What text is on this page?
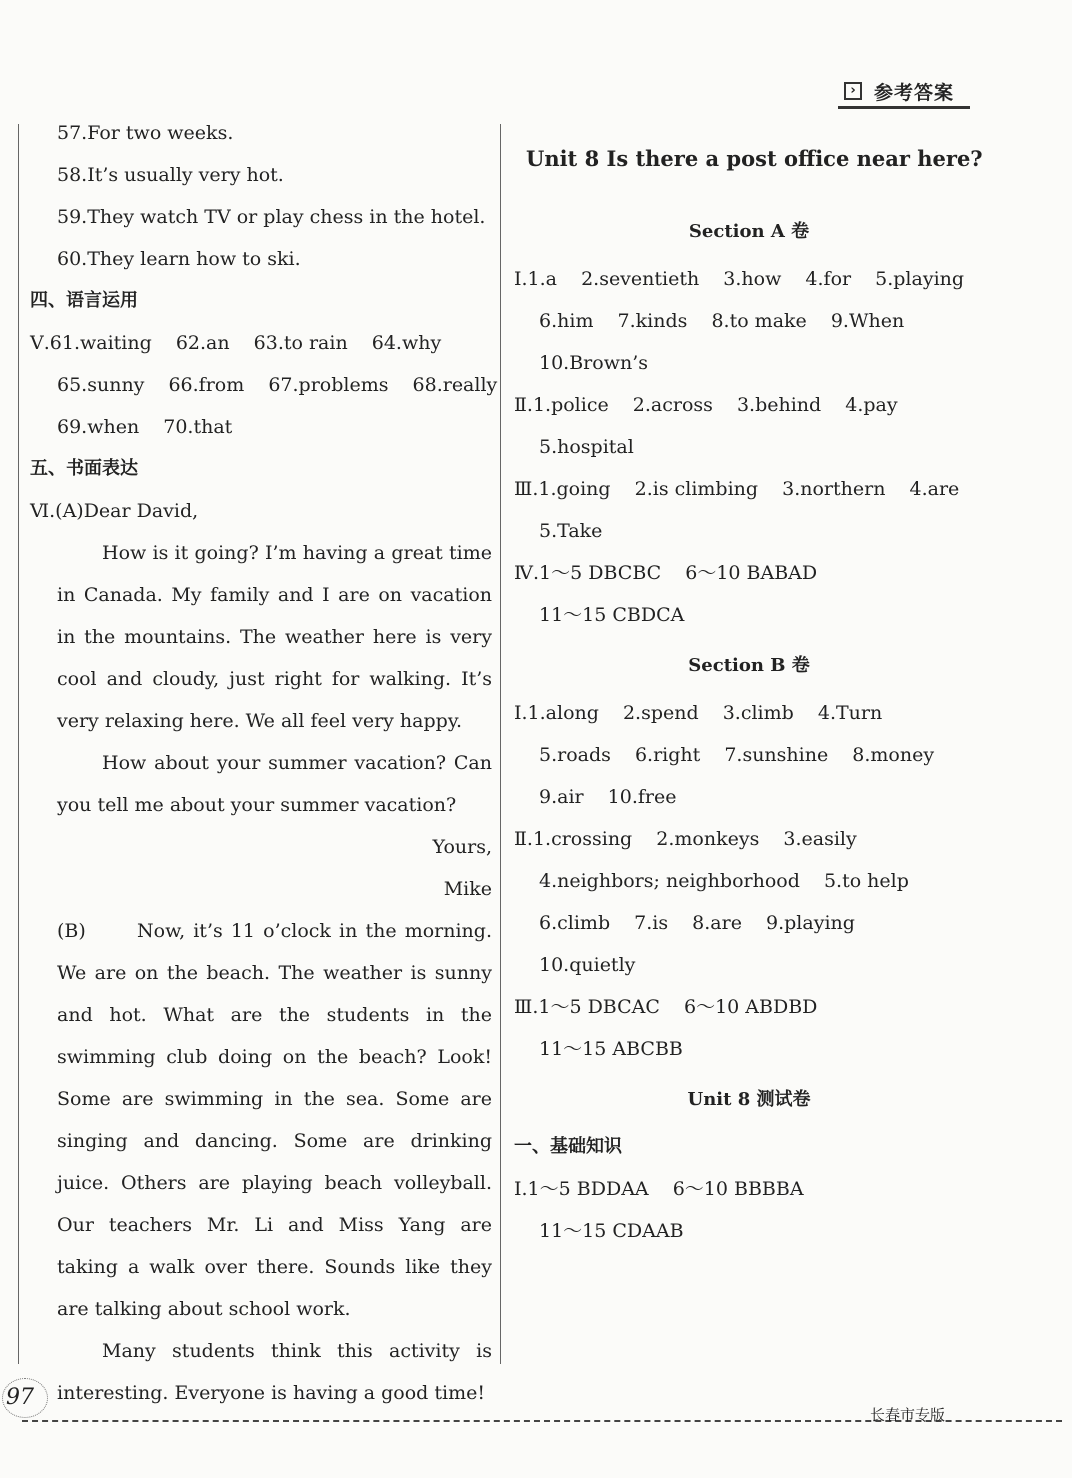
› 参考答案
57.For two weeks.
58.It’s usually very hot.
59.They watch TV or play chess in the hotel.
60.They learn how to ski.
四、语言运用
Ⅴ.61.waiting 62.an 63.to rain 64.why
65.sunny 66.from 67.problems 68.really
69.when 70.that
五、书面表达
Ⅵ.(A)Dear David,
How is it going? I’m having a great time in Canada. My family and I are on vacation in the mountains. The weather here is very cool and cloudy, just right for walking. It’s very relaxing here. We all feel very happy.
How about your summer vacation? Can you tell me about your summer vacation?
Yours,
Mike
(B)	Now, it’s 11 o’clock in the morning. We are on the beach. The weather is sunny and hot. What are the students in the swimming club doing on the beach? Look! Some are swimming in the sea. Some are singing and dancing. Some are drinking juice. Others are playing beach volleyball. Our teachers Mr. Li and Miss Yang are taking a walk over there. Sounds like they are talking about school work.
Many students think this activity is interesting. Everyone is having a good time!
Unit 8 Is there a post office near here?
Section A 卷
Ⅰ.1.a 2.seventieth 3.how 4.for 5.playing
6.him 7.kinds 8.to make 9.When
10.Brown’s
Ⅱ.1.police 2.across 3.behind 4.pay
5.hospital
Ⅲ.1.going 2.is climbing 3.northern 4.are
5.Take
Ⅳ.1～5 DBCBC 6～10 BABAD
11～15 CBDCA
Section B 卷
Ⅰ.1.along 2.spend 3.climb 4.Turn
5.roads 6.right 7.sunshine 8.money
9.air 10.free
Ⅱ.1.crossing 2.monkeys 3.easily
4.neighbors; neighborhood 5.to help
6.climb 7.is 8.are 9.playing
10.quietly
Ⅲ.1～5 DBCAC 6～10 ABDBD
11～15 ABCBB
Unit 8 测试卷
一、基础知识
Ⅰ.1～5 BDDAA 6～10 BBBBA
11～15 CDAAB
97
长春市专版
